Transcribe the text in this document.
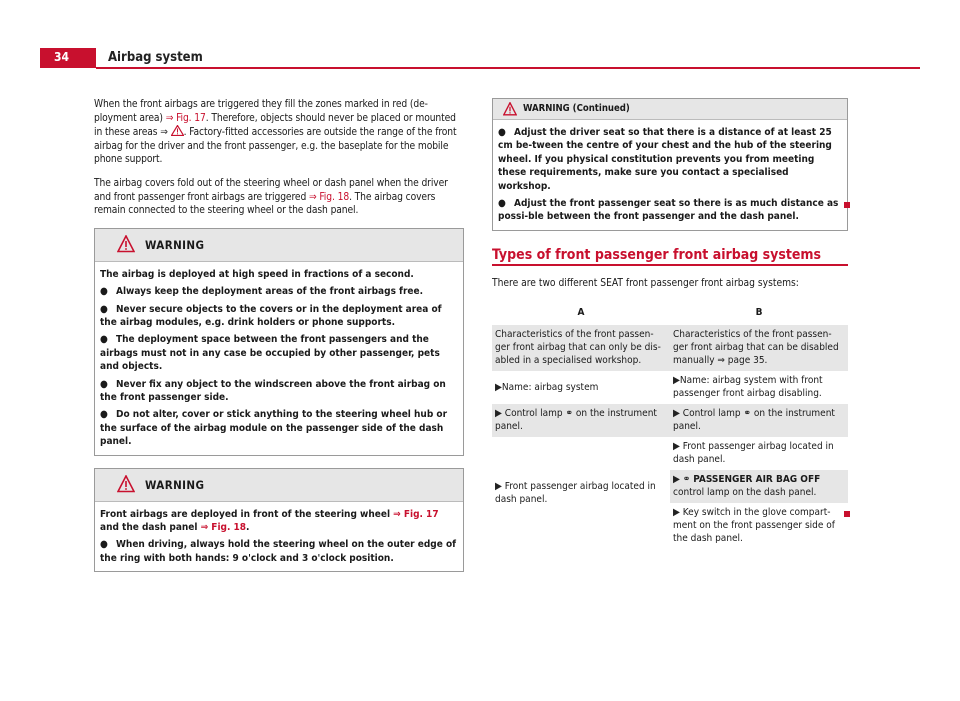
34	Airbag system

When the front airbags are triggered they fill the zones marked in red (de-ployment area) ⇒ Fig. 17. Therefore, objects should never be placed or mounted in these areas ⇒ . Factory-fitted accessories are outside the range of the front airbag for the driver and the front passenger, e.g. the baseplate for the mobile phone support.

The airbag covers fold out of the steering wheel or dash panel when the driver and front passenger front airbags are triggered ⇒ Fig. 18. The airbag covers remain connected to the steering wheel or the dash panel.

WARNING

The airbag is deployed at high speed in fractions of a second.

● Always keep the deployment areas of the front airbags free.

● Never secure objects to the covers or in the deployment area of the airbag modules, e.g. drink holders or phone supports.

● The deployment space between the front passengers and the airbags must not in any case be occupied by other passenger, pets and objects.

● Never fix any object to the windscreen above the front airbag on the front passenger side.

● Do not alter, cover or stick anything to the steering wheel hub or the surface of the airbag module on the passenger side of the dash panel.

WARNING

Front airbags are deployed in front of the steering wheel ⇒ Fig. 17 and the dash panel ⇒ Fig. 18.

● When driving, always hold the steering wheel on the outer edge of the ring with both hands: 9 o'clock and 3 o'clock position.

WARNING (Continued)

● Adjust the driver seat so that there is a distance of at least 25 cm be-tween the centre of your chest and the hub of the steering wheel. If you physical constitution prevents you from meeting these requirements, make sure you contact a specialised workshop.

● Adjust the front passenger seat so there is as much distance as possi-ble between the front passenger and the dash panel.

Types of front passenger front airbag systems
There are two different SEAT front passenger front airbag systems:
A	B
Characteristics of the front passen-ger front airbag that can only be dis-abled in a specialised workshop.	Characteristics of the front passen-ger front airbag that can be disabled manually ⇒ page 35.
▶Name: airbag system	▶Name: airbag system with front passenger front airbag disabling.
▶ Control lamp ⚭ on the instrument panel.	▶ Control lamp ⚭ on the instrument panel.
▶ Front passenger airbag located in dash panel.	▶ Front passenger airbag located in dash panel.
	▶ ⚭ PASSENGER AIR BAG OFF control lamp on the dash panel.
	▶ Key switch in the glove compart-ment on the front passenger side of the dash panel.
